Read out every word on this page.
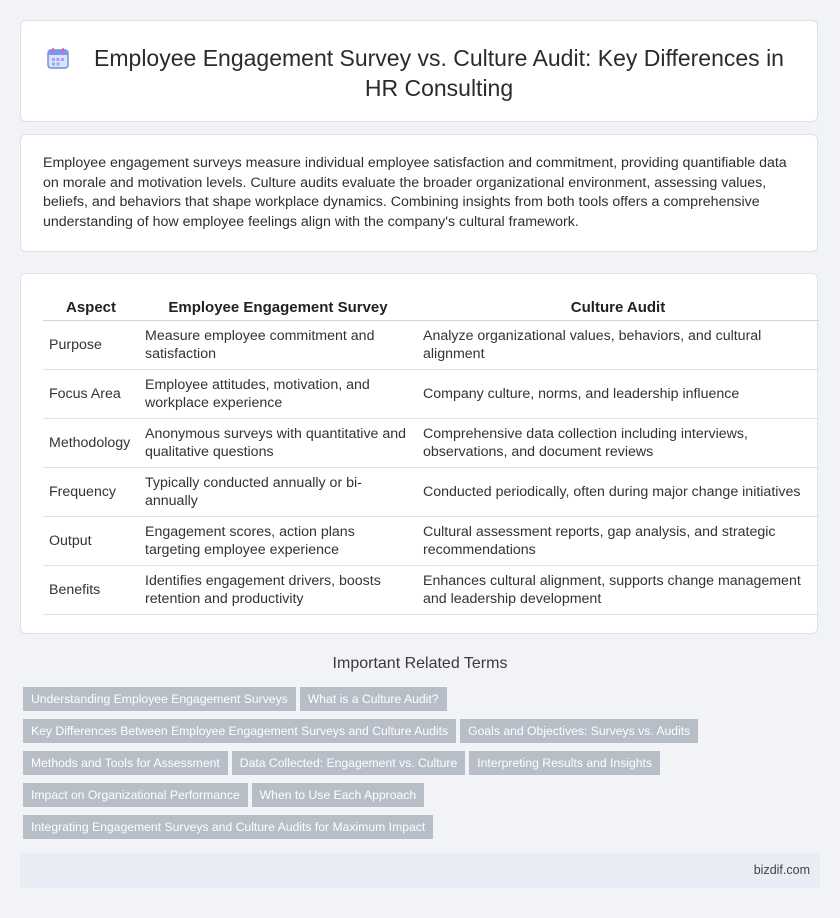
Employee Engagement Survey vs. Culture Audit: Key Differences in HR Consulting

Employee engagement surveys measure individual employee satisfaction and commitment, providing quantifiable data on morale and motivation levels. Culture audits evaluate the broader organizational environment, assessing values, beliefs, and behaviors that shape workplace dynamics. Combining insights from both tools offers a comprehensive understanding of how employee feelings align with the company's cultural framework.

Aspect	Employee Engagement Survey	Culture Audit
Purpose	Measure employee commitment and satisfaction	Analyze organizational values, behaviors, and cultural alignment
Focus Area	Employee attitudes, motivation, and workplace experience	Company culture, norms, and leadership influence
Methodology	Anonymous surveys with quantitative and qualitative questions	Comprehensive data collection including interviews, observations, and document reviews
Frequency	Typically conducted annually or bi-annually	Conducted periodically, often during major change initiatives
Output	Engagement scores, action plans targeting employee experience	Cultural assessment reports, gap analysis, and strategic recommendations
Benefits	Identifies engagement drivers, boosts retention and productivity	Enhances cultural alignment, supports change management and leadership development
Important Related Terms
Understanding Employee Engagement Surveys What is a Culture Audit?
Key Differences Between Employee Engagement Surveys and Culture Audits Goals and Objectives: Surveys vs. Audits
Methods and Tools for Assessment Data Collected: Engagement vs. Culture Interpreting Results and Insights
Impact on Organizational Performance When to Use Each Approach
Integrating Engagement Surveys and Culture Audits for Maximum Impact
bizdif.com
